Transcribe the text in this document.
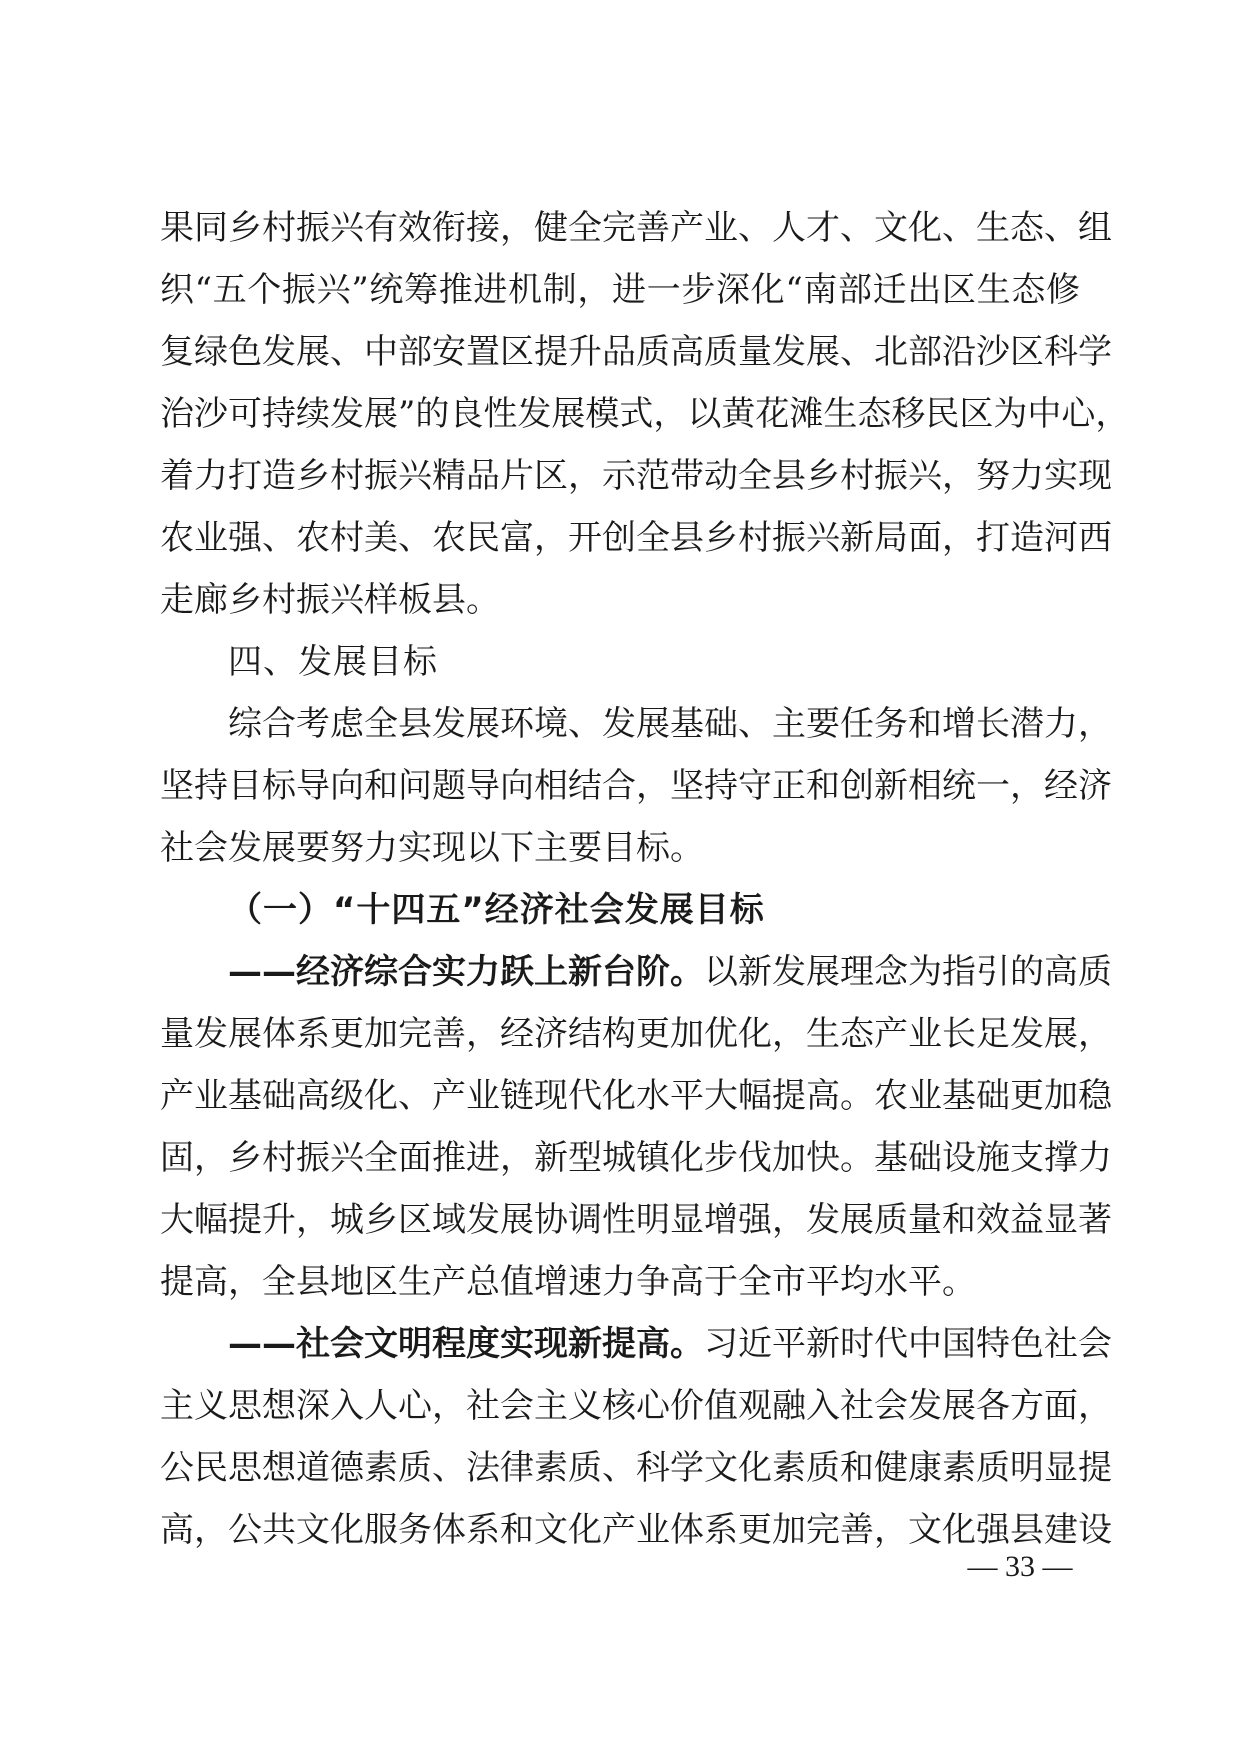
果同乡村振兴有效衔接，健全完善产业、人才、文化、生态、组
织“五个振兴”统筹推进机制，进一步深化“南部迁出区生态修
复绿色发展、中部安置区提升品质高质量发展、北部沿沙区科学
治沙可持续发展”的良性发展模式，以黄花滩生态移民区为中心，
着力打造乡村振兴精品片区，示范带动全县乡村振兴，努力实现
农业强、农村美、农民富，开创全县乡村振兴新局面，打造河西
走廊乡村振兴样板县。
四、发展目标
综合考虑全县发展环境、发展基础、主要任务和增长潜力，
坚持目标导向和问题导向相结合，坚持守正和创新相统一，经济
社会发展要努力实现以下主要目标。
（一）“十四五”经济社会发展目标
——经济综合实力跃上新台阶。以新发展理念为指引的高质
量发展体系更加完善，经济结构更加优化，生态产业长足发展，
产业基础高级化、产业链现代化水平大幅提高。农业基础更加稳
固，乡村振兴全面推进，新型城镇化步伐加快。基础设施支撑力
大幅提升，城乡区域发展协调性明显增强，发展质量和效益显著
提高，全县地区生产总值增速力争高于全市平均水平。
——社会文明程度实现新提高。习近平新时代中国特色社会
主义思想深入人心，社会主义核心价值观融入社会发展各方面，
公民思想道德素质、法律素质、科学文化素质和健康素质明显提
高，公共文化服务体系和文化产业体系更加完善，文化强县建设
— 33 —
